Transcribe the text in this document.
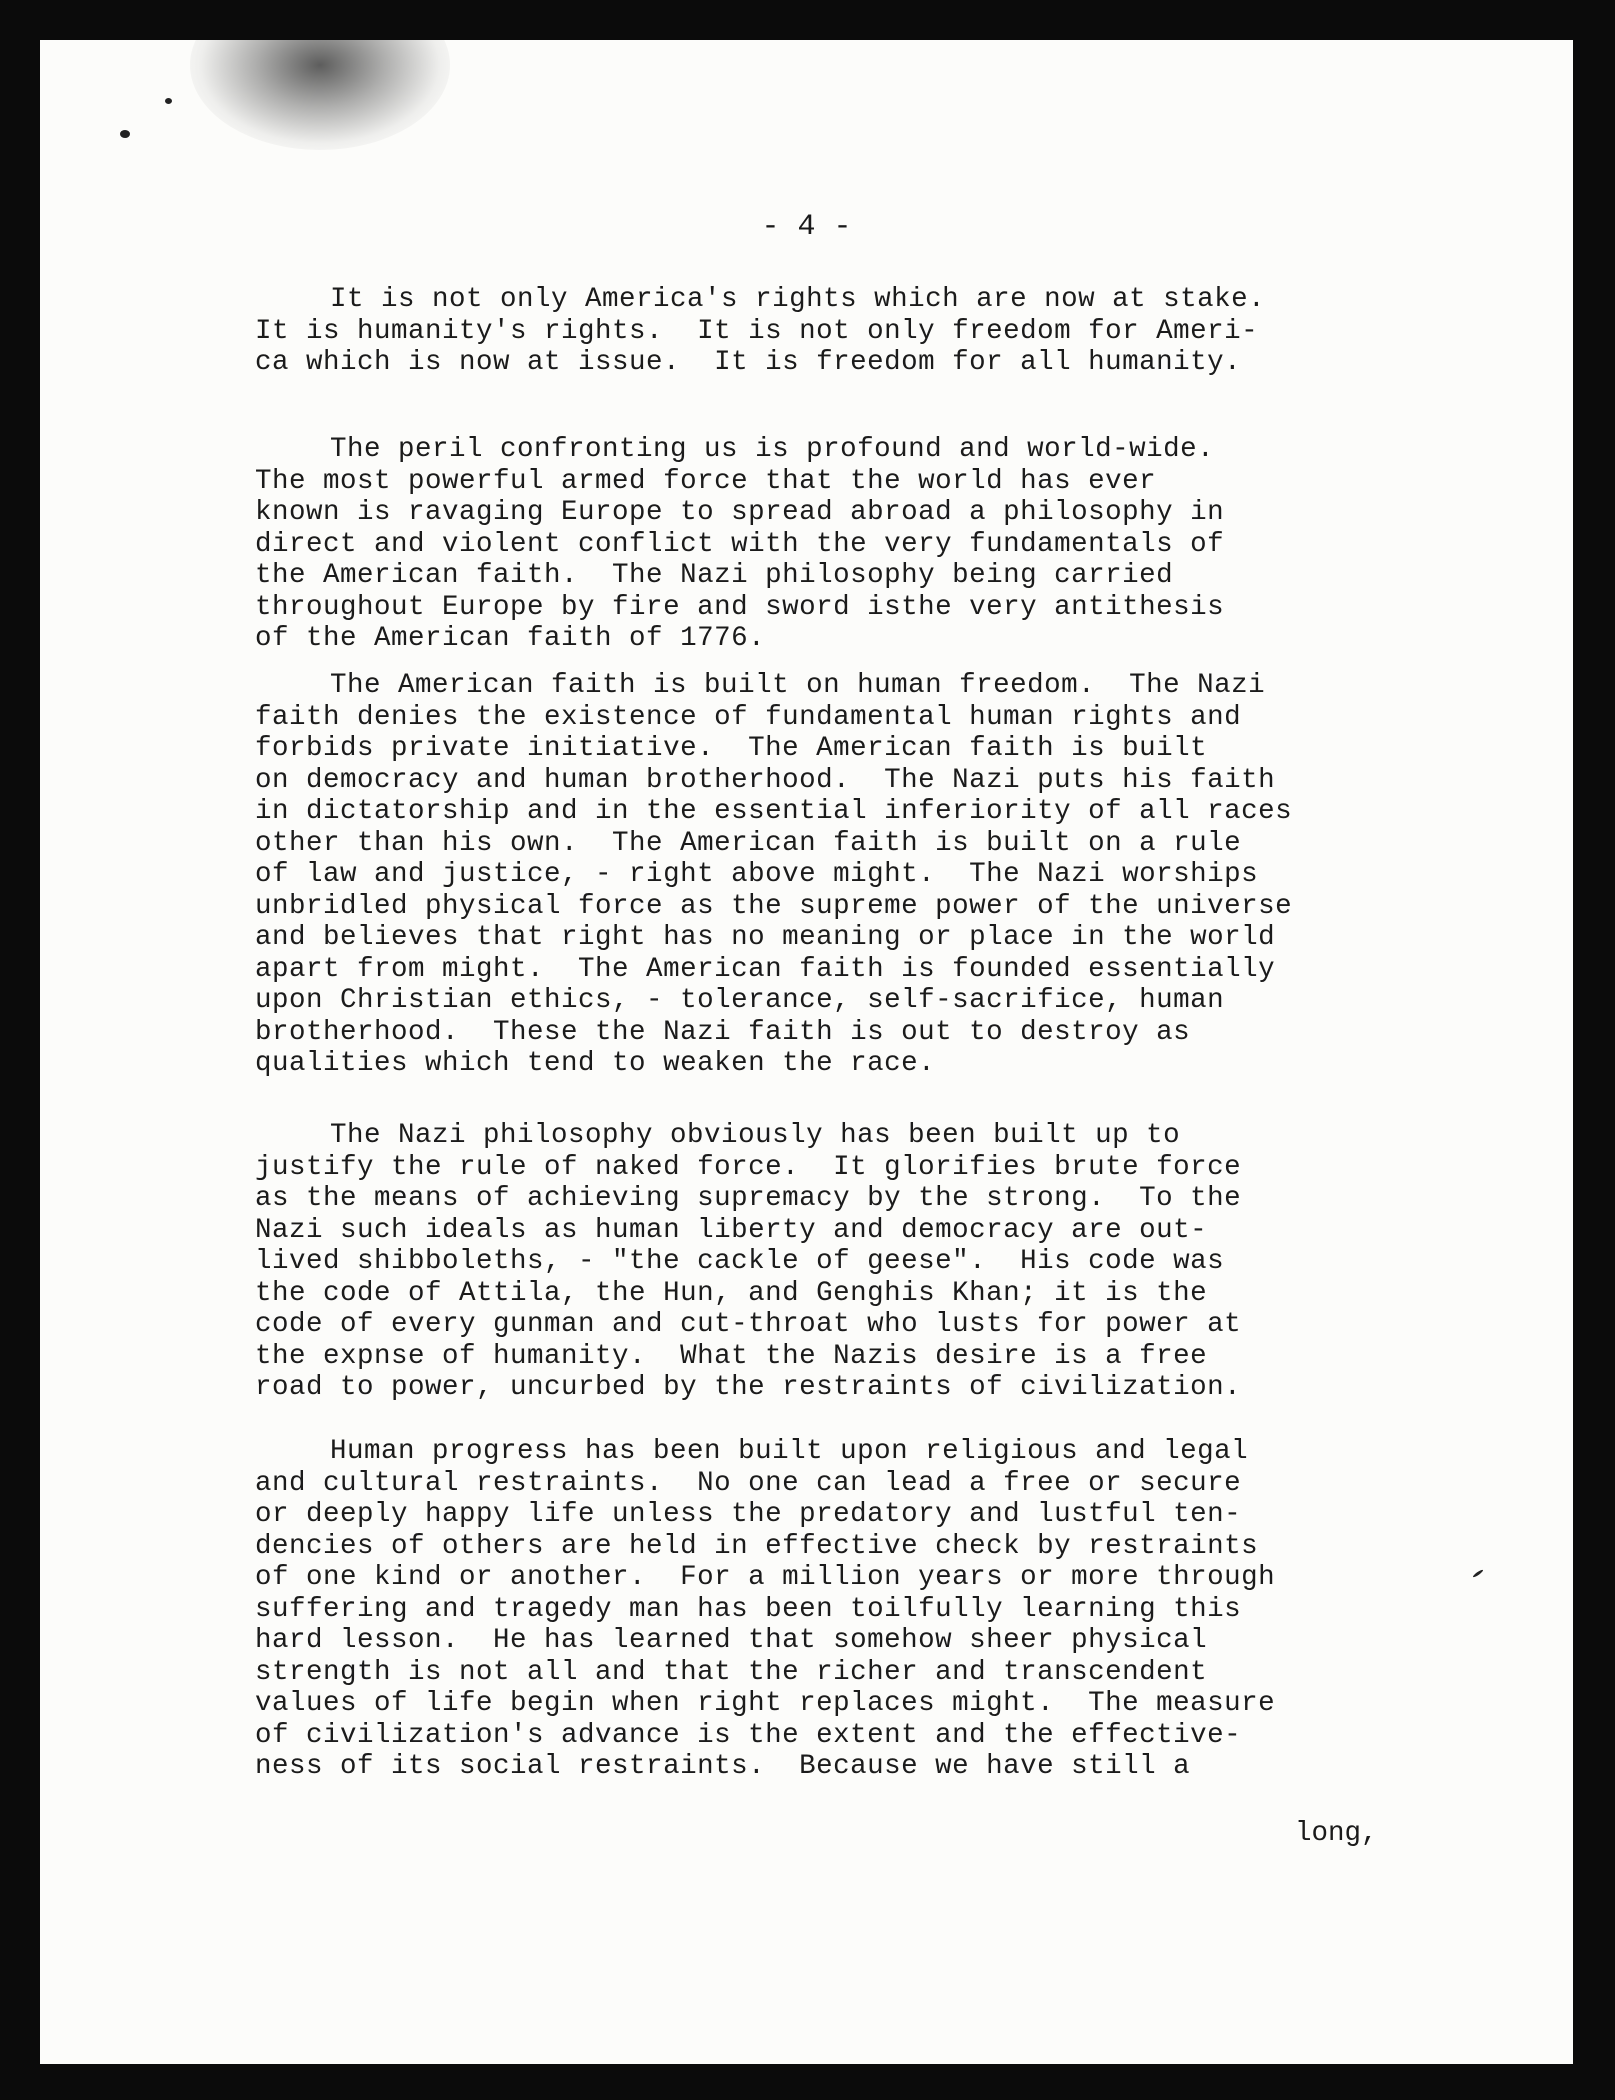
- 4 -

It is not only America's rights which are now at stake.
It is humanity's rights.  It is not only freedom for Ameri-
ca which is now at issue.  It is freedom for all humanity.
The peril confronting us is profound and world-wide.
The most powerful armed force that the world has ever
known is ravaging Europe to spread abroad a philosophy in
direct and violent conflict with the very fundamentals of
the American faith.  The Nazi philosophy being carried
throughout Europe by fire and sword isthe very antithesis
of the American faith of 1776.
The American faith is built on human freedom.  The Nazi
faith denies the existence of fundamental human rights and
forbids private initiative.  The American faith is built
on democracy and human brotherhood.  The Nazi puts his faith
in dictatorship and in the essential inferiority of all races
other than his own.  The American faith is built on a rule
of law and justice, - right above might.  The Nazi worships
unbridled physical force as the supreme power of the universe
and believes that right has no meaning or place in the world
apart from might.  The American faith is founded essentially
upon Christian ethics, - tolerance, self-sacrifice, human
brotherhood.  These the Nazi faith is out to destroy as
qualities which tend to weaken the race.
The Nazi philosophy obviously has been built up to
justify the rule of naked force.  It glorifies brute force
as the means of achieving supremacy by the strong.  To the
Nazi such ideals as human liberty and democracy are out-
lived shibboleths, - "the cackle of geese".  His code was
the code of Attila, the Hun, and Genghis Khan; it is the
code of every gunman and cut-throat who lusts for power at
the expnse of humanity.  What the Nazis desire is a free
road to power, uncurbed by the restraints of civilization.
Human progress has been built upon religious and legal
and cultural restraints.  No one can lead a free or secure
or deeply happy life unless the predatory and lustful ten-
dencies of others are held in effective check by restraints
of one kind or another.  For a million years or more through
suffering and tragedy man has been toilfully learning this
hard lesson.  He has learned that somehow sheer physical
strength is not all and that the richer and transcendent
values of life begin when right replaces might.  The measure
of civilization's advance is the extent and the effective-
ness of its social restraints.  Because we have still a

long,
